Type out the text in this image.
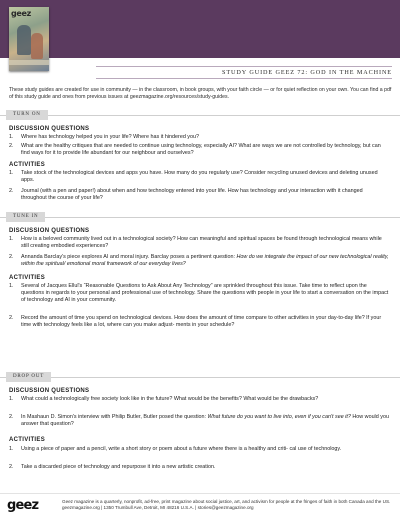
geez
STUDY GUIDE GEEZ 72: GOD IN THE MACHINE
These study guides are created for use in community — in the classroom, in book groups, with your faith circle — or for quiet reflection on your own. You can find a pdf of this study guide and ones from previous issues at geezmagazine.org/resources/study-guides.
TURN ON
DISCUSSION QUESTIONS
1.	Where has technology helped you in your life? Where has it hindered you?
2.	What are the healthy critiques that are needed to continue using technology, especially AI? What are ways we are not controlled by technology, but can find ways for it to provide life abundant for our neighbour and ourselves?
ACTIVITIES
1.	Take stock of the technological devices and apps you have. How many do you regularly use? Consider recycling unused devices and deleting unused apps.
2.	Journal (with a pen and paper!) about when and how technology entered into your life. How has technology and your interaction with it changed throughout the course of your life?
TUNE IN
DISCUSSION QUESTIONS
1.	How is a beloved community lived out in a technological society? How can meaningful and spiritual spaces be found through technological means while still creating embodied experiences?
2.	Annanda Barclay's piece explores AI and moral injury. Barclay poses a pertinent question: How do we integrate the impact of our new technological reality, within the spiritual/ emotional moral framework of our everyday lives?
ACTIVITIES
1.	Several of Jacques Ellul's “Reasonable Questions to Ask About Any Technology” are sprinkled throughout this issue. Take time to reflect upon the questions in regards to your personal and professional use of technology. Share the questions with people in your life to start a conversation on the impact of technology and AI in your community.
2.	Record the amount of time you spend on technological devices. How does the amount of time compare to other activities in your day-to-day life? If your time with technology feels like a lot, where can you make adjust- ments in your schedule?
DROP OUT
DISCUSSION QUESTIONS
1.	What could a technologically free society look like in the future? What would be the benefits? What would be the drawbacks?
2.	In Mashaun D. Simon's interview with Philip Butler, Butler posed the question: What future do you want to live into, even if you can't see it? How would you answer that question?
ACTIVITIES
1.	Using a piece of paper and a pencil, write a short story or poem about a future where there is a healthy and criti- cal use of technology.
2.	Take a discarded piece of technology and repurpose it into a new artistic creation.
geez	Geez magazine is a quarterly, nonprofit, ad-free, print magazine about social justice, art, and activism for people at the fringes of faith in both Canada and the US. geezmagazine.org | 1350 Trumbull Ave, Detroit, MI 48216 U.S.A. | stories@geezmagazine.org
